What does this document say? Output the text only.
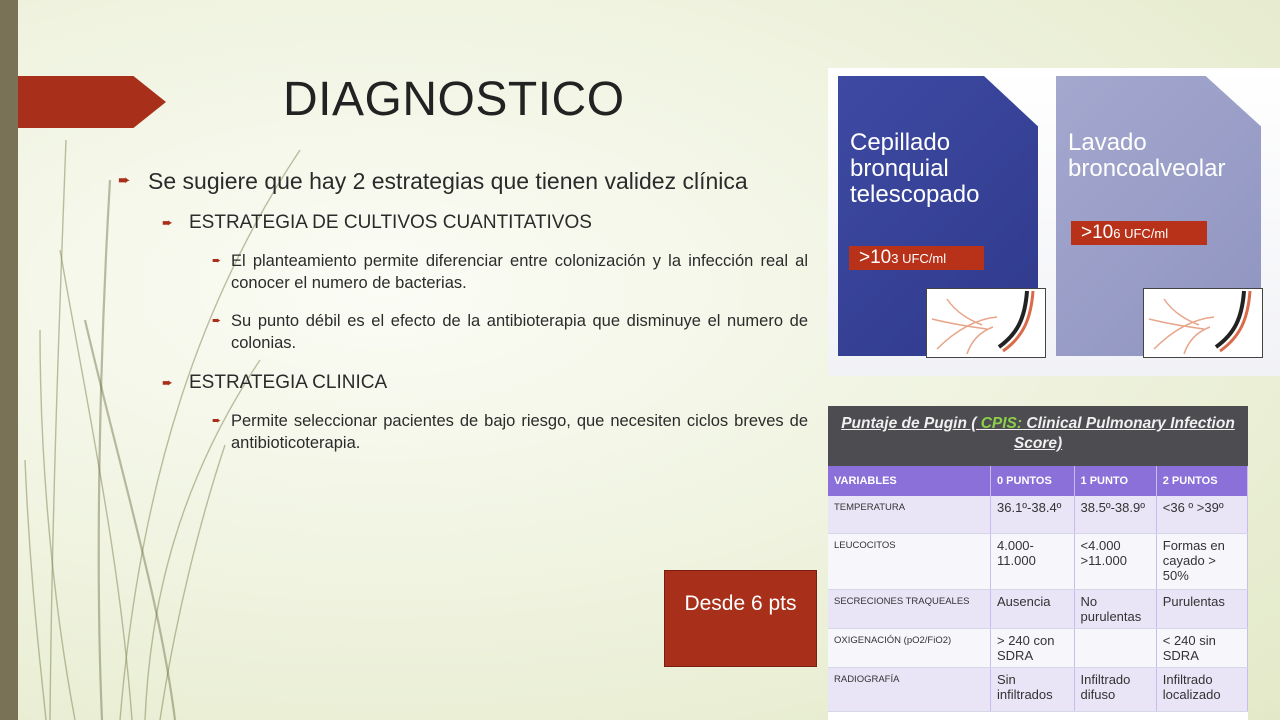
DIAGNOSTICO
➨ Se sugiere que hay 2 estrategias que tienen validez clínica
➨ ESTRATEGIA DE CULTIVOS CUANTITATIVOS
➨ El planteamiento permite diferenciar entre colonización y la infección real al conocer el numero de bacterias.
➨ Su punto débil es el efecto de la antibioterapia que disminuye el numero de colonias.
➨ ESTRATEGIA CLINICA
➨ Permite seleccionar pacientes de bajo riesgo, que necesiten ciclos breves de antibioticoterapia.
Cepillado bronquial telescopado
Lavado broncoalveolar
>103 UFC/ml
>106 UFC/ml
Puntaje de Pugin ( CPIS: Clinical Pulmonary Infection Score)
VARIABLES	0 PUNTOS	1 PUNTO	2 PUNTOS
TEMPERATURA	36.1º-38.4º	38.5º-38.9º	<36 º >39º
LEUCOCITOS	4.000-11.000	<4.000 >11.000	Formas en cayado > 50%
SECRECIONES TRAQUEALES	Ausencia	No purulentas	Purulentas
OXIGENACIÓN (pO2/FiO2)	> 240 con SDRA		< 240 sin SDRA
RADIOGRAFÍA	Sin infiltrados	Infiltrado difuso	Infiltrado localizado
Desde 6 pts
